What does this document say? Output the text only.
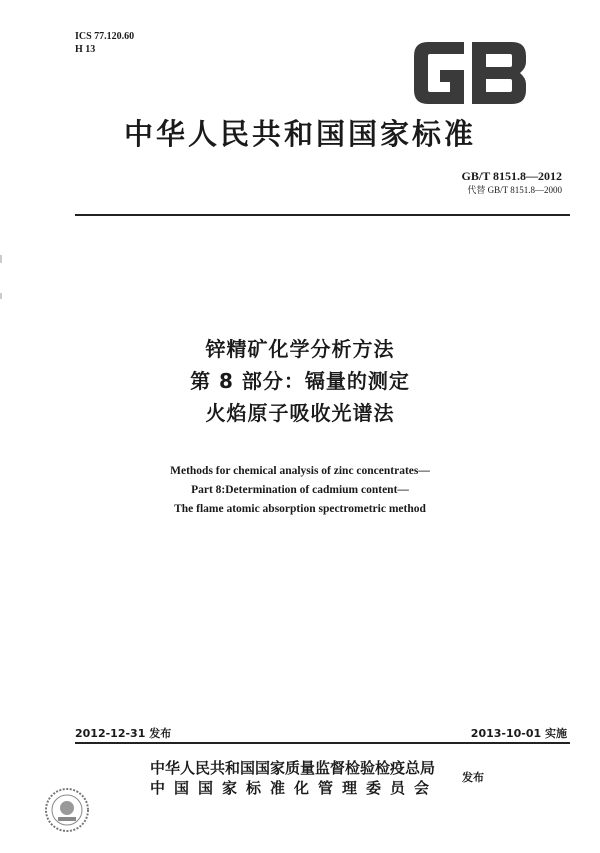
ICS 77.120.60
H 13
中华人民共和国国家标准
GB/T 8151.8—2012
代替 GB/T 8151.8—2000
锌精矿化学分析方法
第 8 部分：镉量的测定
火焰原子吸收光谱法
Methods for chemical analysis of zinc concentrates—
Part 8:Determination of cadmium content—
The flame atomic absorption spectrometric method
2012-12-31 发布	2013-10-01 实施
中华人民共和国国家质量监督检验检疫总局
中国国家标准化管理委员会
发布
